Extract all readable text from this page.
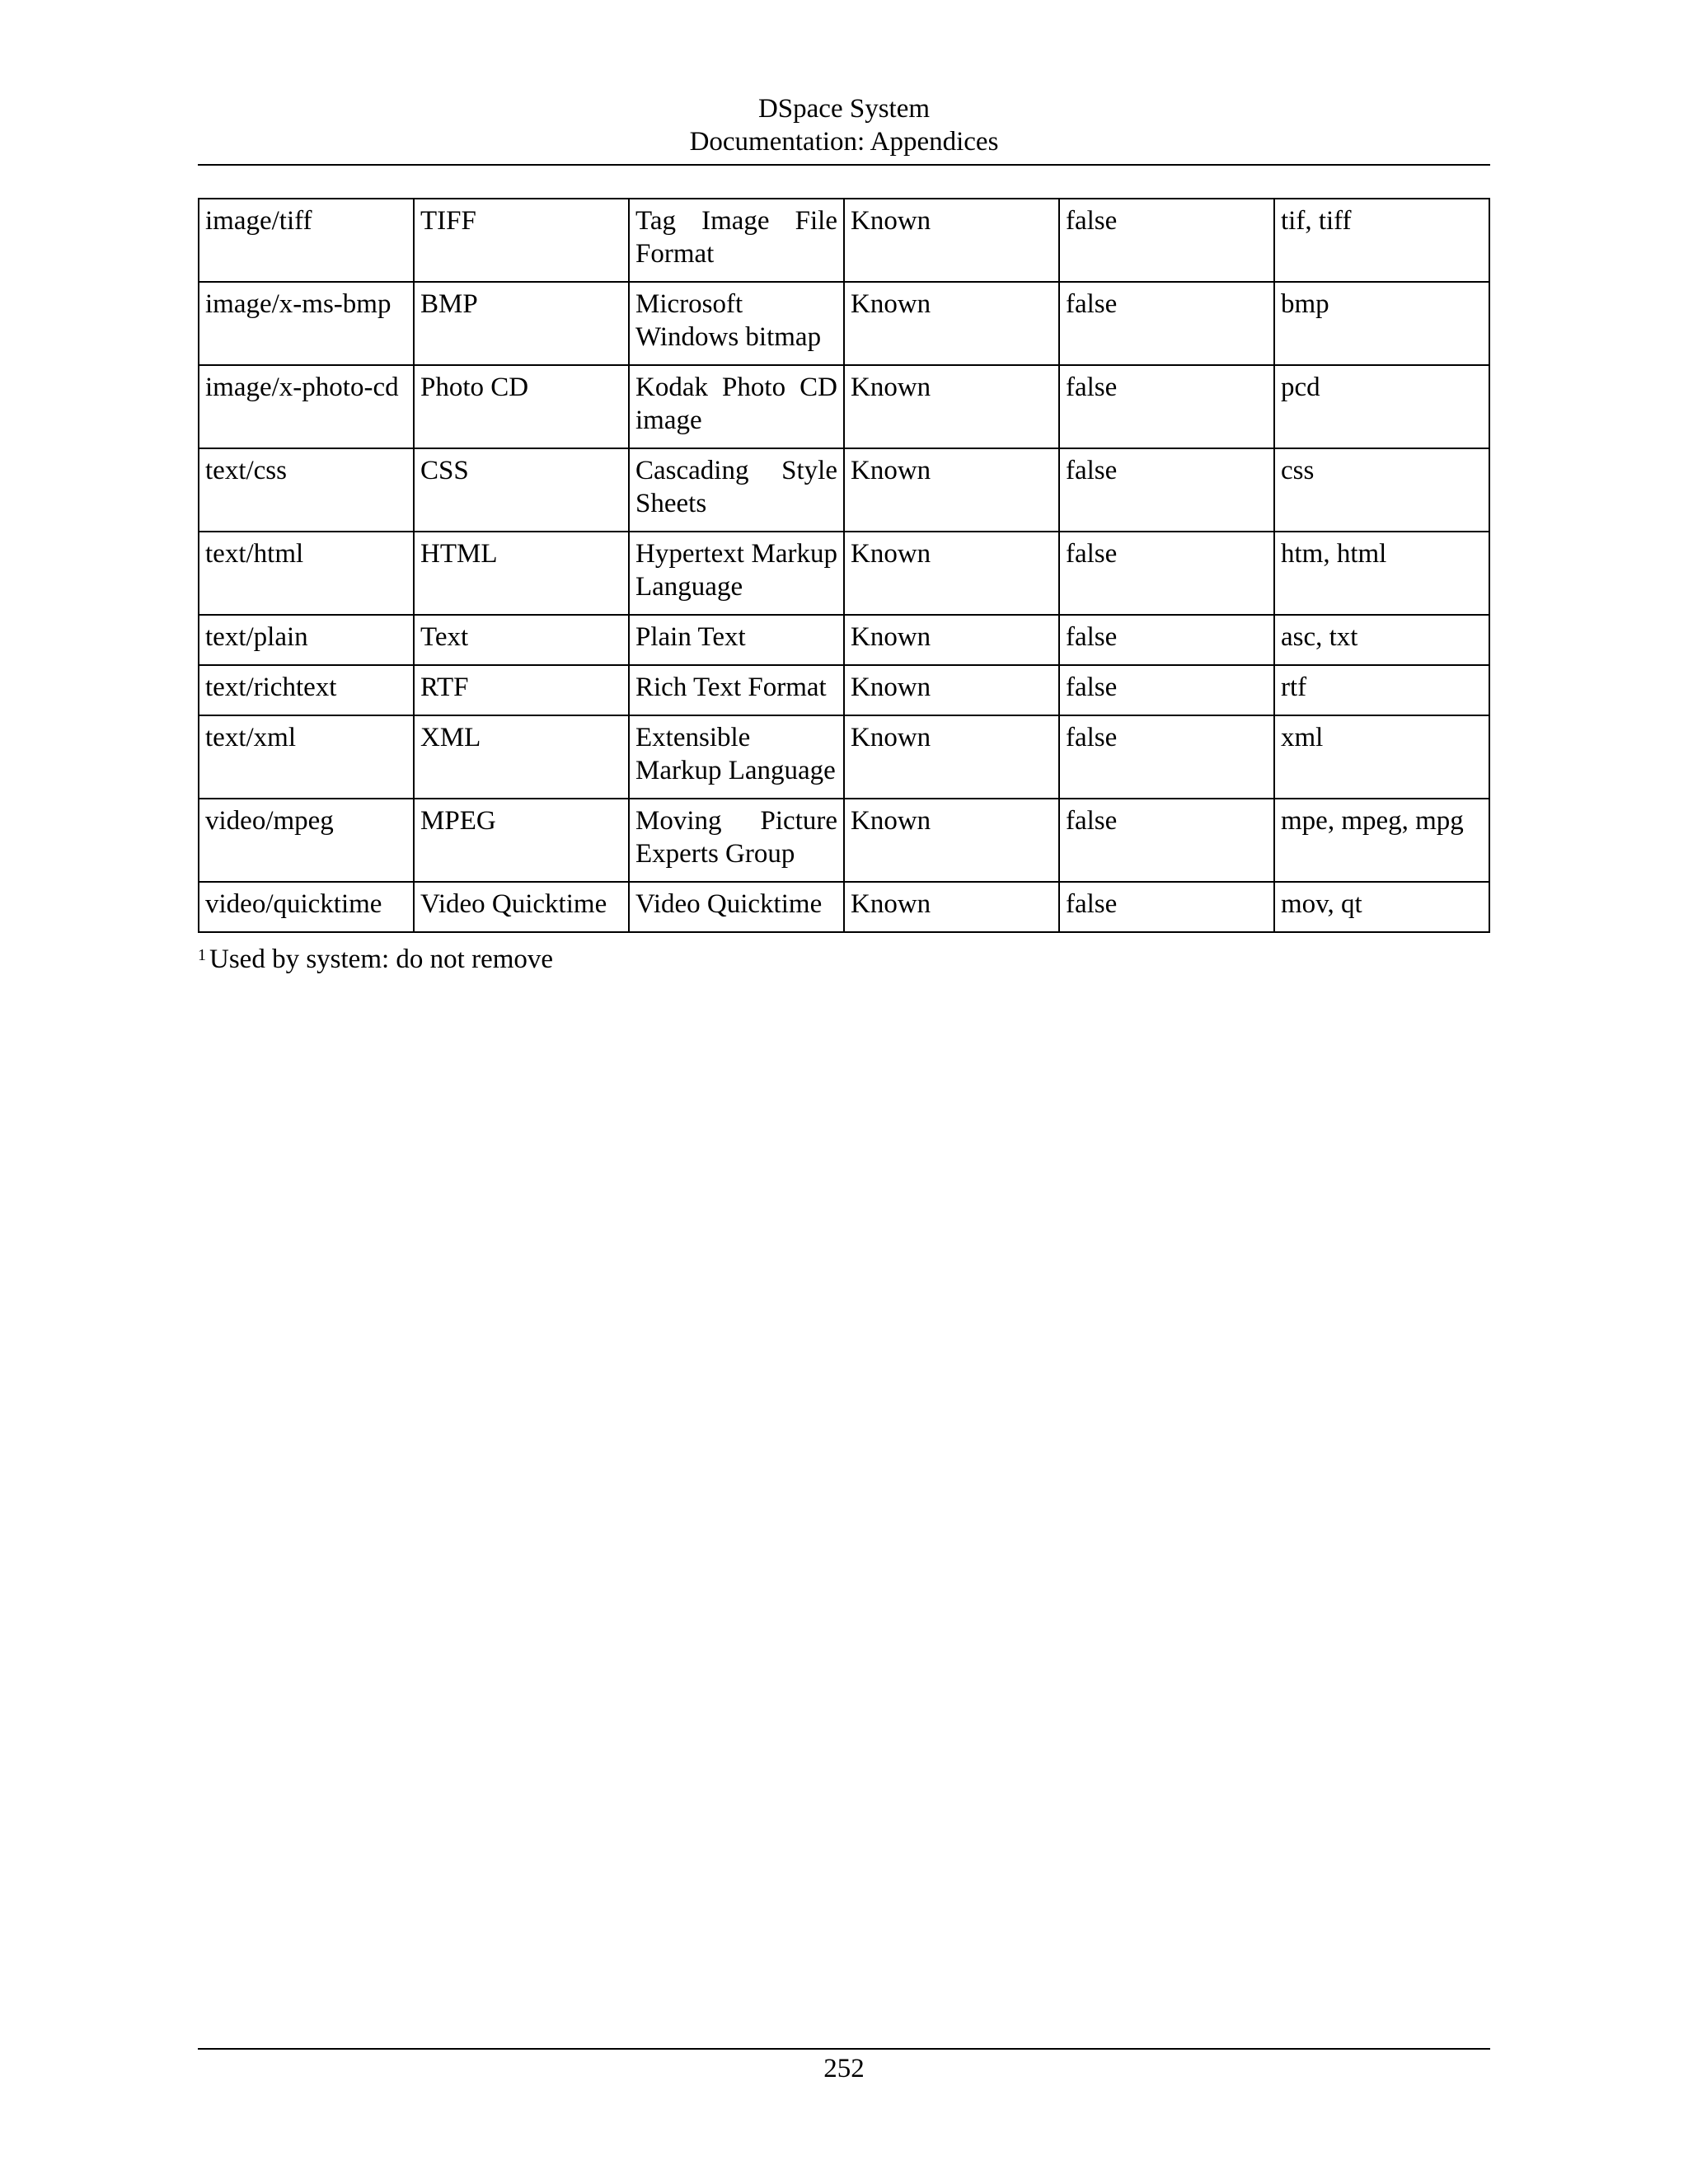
DSpace System
Documentation: Appendices
image/tiff	TIFF	Tag Image File Format	Known	false	tif, tiff
image/x-ms-bmp	BMP	Microsoft Windows bitmap	Known	false	bmp
image/x-photo-cd	Photo CD	Kodak Photo CD image	Known	false	pcd
text/css	CSS	Cascading Style Sheets	Known	false	css
text/html	HTML	Hypertext Markup Language	Known	false	htm, html
text/plain	Text	Plain Text	Known	false	asc, txt
text/richtext	RTF	Rich Text Format	Known	false	rtf
text/xml	XML	Extensible Markup Language	Known	false	xml
video/mpeg	MPEG	Moving Picture Experts Group	Known	false	mpe, mpeg, mpg
video/quicktime	Video Quicktime	Video Quicktime	Known	false	mov, qt
$^1$ Used by system: do not remove
252
